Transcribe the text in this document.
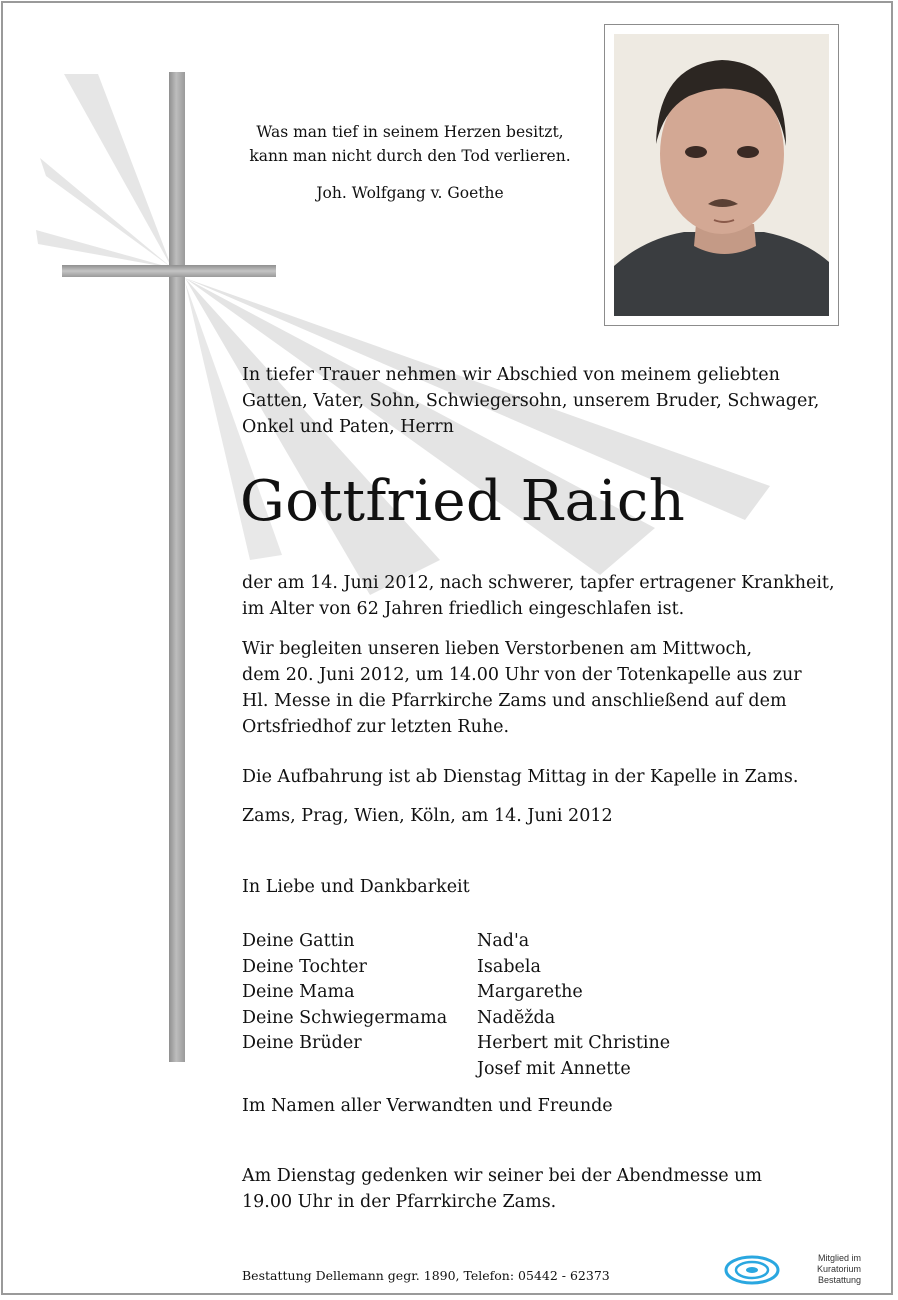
Was man tief in seinem Herzen besitzt,
kann man nicht durch den Tod verlieren.
Joh. Wolfgang v. Goethe
In tiefer Trauer nehmen wir Abschied von meinem geliebten
Gatten, Vater, Sohn, Schwiegersohn, unserem Bruder, Schwager,
Onkel und Paten, Herrn
Gottfried Raich
der am 14. Juni 2012, nach schwerer, tapfer ertragener Krankheit,
im Alter von 62 Jahren friedlich eingeschlafen ist.
Wir begleiten unseren lieben Verstorbenen am Mittwoch,
dem 20. Juni 2012, um 14.00 Uhr von der Totenkapelle aus zur
Hl. Messe in die Pfarrkirche Zams und anschließend auf dem
Ortsfriedhof zur letzten Ruhe.
Die Aufbahrung ist ab Dienstag Mittag in der Kapelle in Zams.
Zams, Prag, Wien, Köln, am 14. Juni 2012
In Liebe und Dankbarkeit
Deine Gattin	Nad'a
Deine Tochter	Isabela
Deine Mama	Margarethe
Deine Schwiegermama	Nadĕžda
Deine Brüder	Herbert mit Christine
Josef mit Annette
Im Namen aller Verwandten und Freunde
Am Dienstag gedenken wir seiner bei der Abendmesse um
19.00 Uhr in der Pfarrkirche Zams.
Bestattung Dellemann gegr. 1890, Telefon: 05442 - 62373
Mitglied im
Kuratorium Bestattung
